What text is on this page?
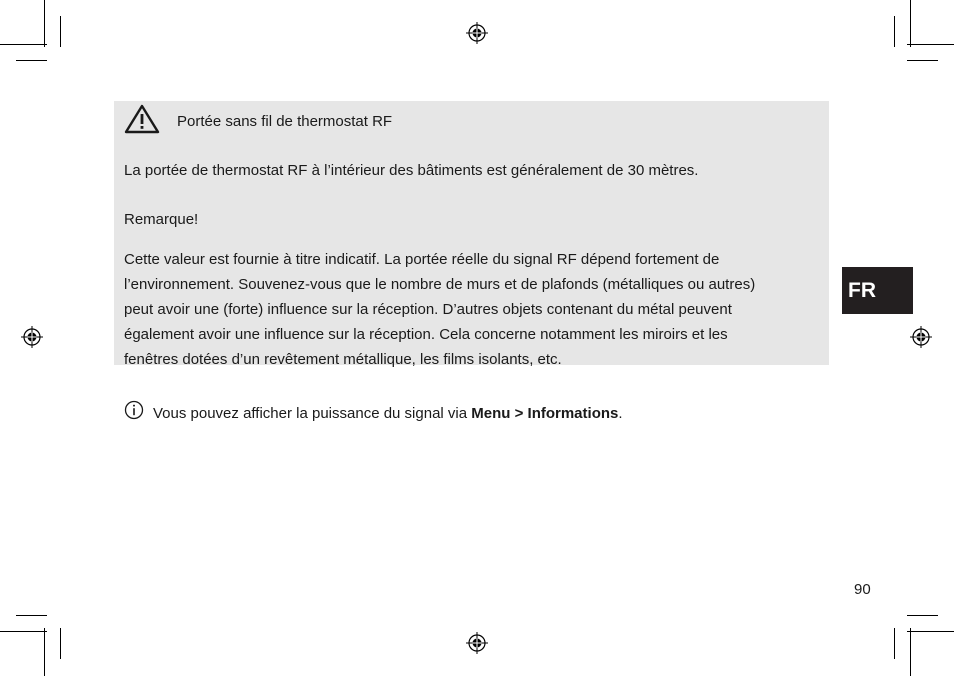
Portée sans fil de thermostat RF
La portée de thermostat RF à l’intérieur des bâtiments est généralement de 30 mètres.
Remarque!
Cette valeur est fournie à titre indicatif. La portée réelle du signal RF dépend fortement de
l’environnement. Souvenez-vous que le nombre de murs et de plafonds (métalliques ou autres)
peut avoir une (forte) influence sur la réception. D’autres objets contenant du métal peuvent
également avoir une influence sur la réception. Cela concerne notamment les miroirs et les
fenêtres dotées d’un revêtement métallique, les films isolants, etc.
Vous pouvez afficher la puissance du signal via Menu > Informations.
FR
90
